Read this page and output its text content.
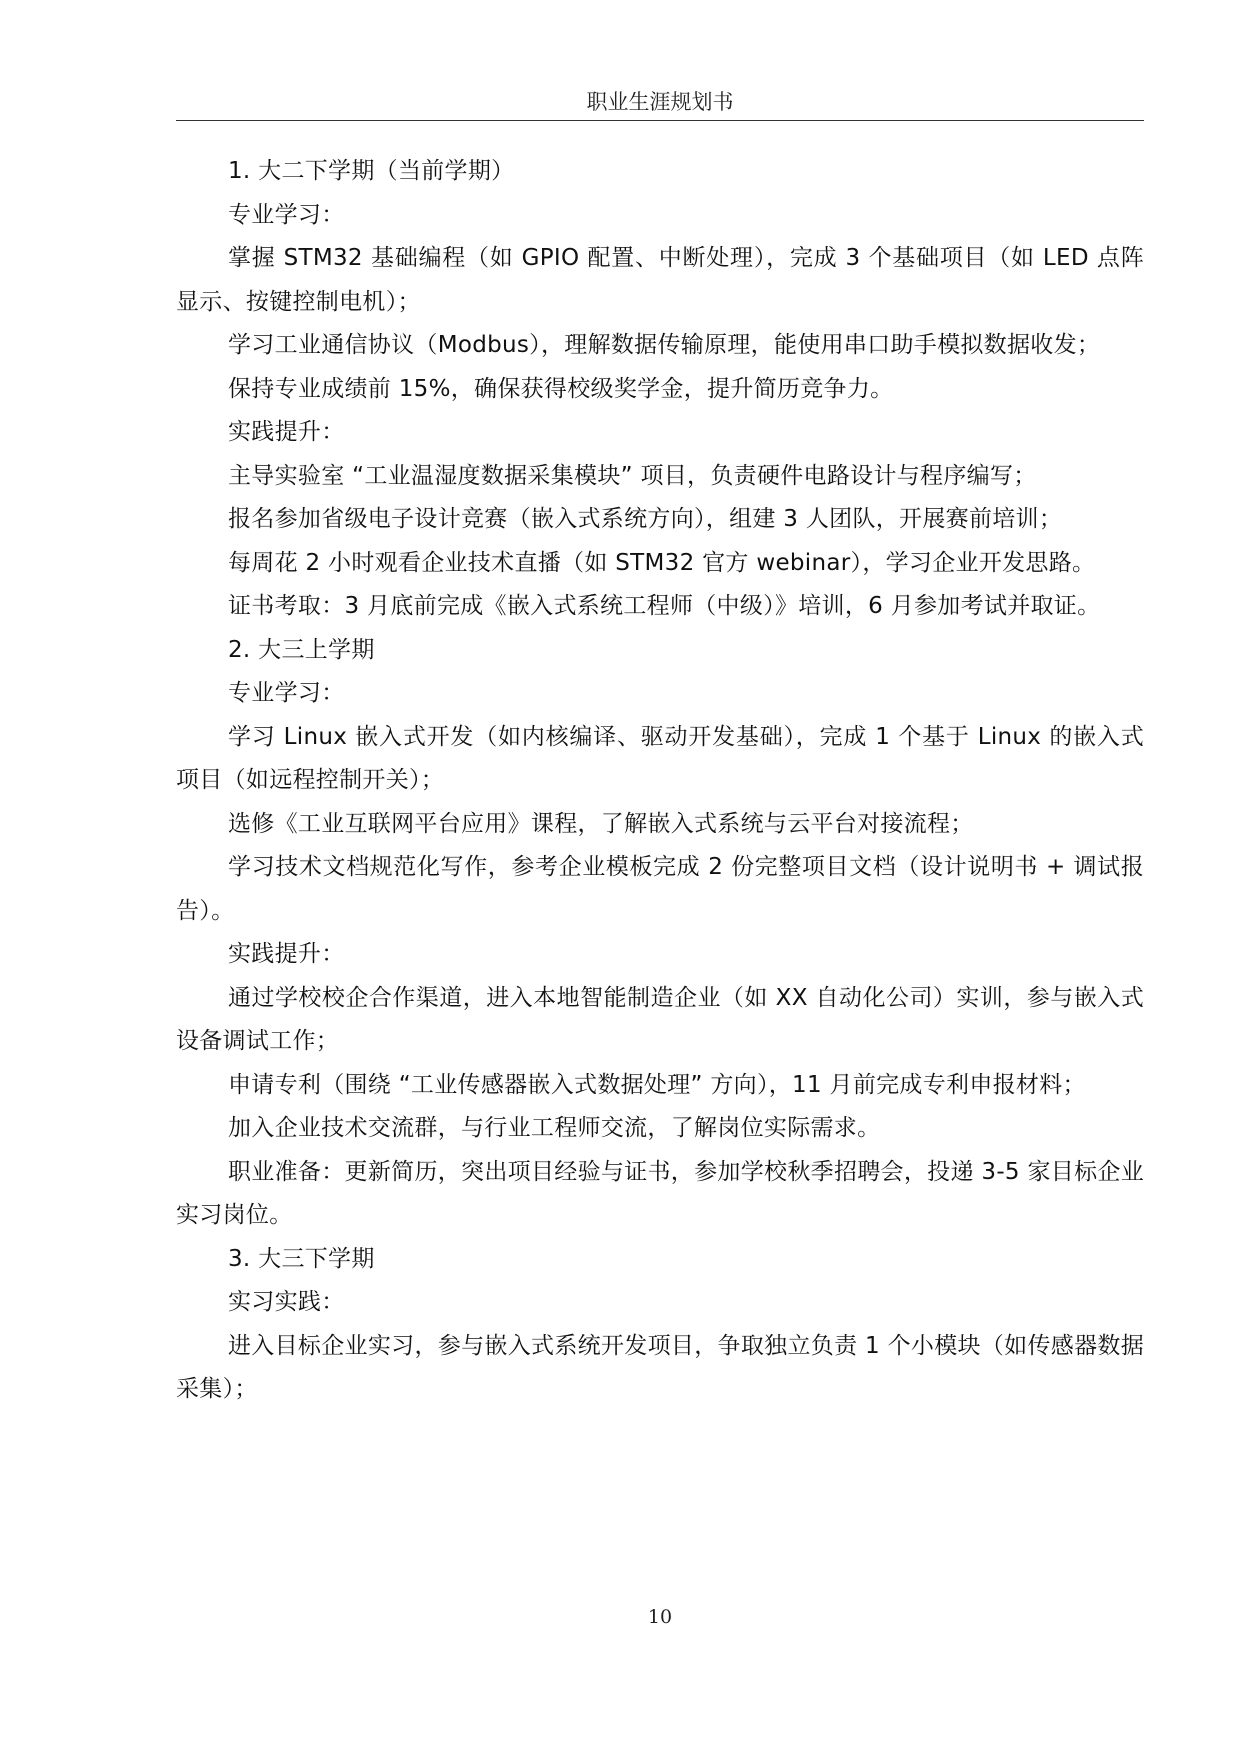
职业生涯规划书

1. 大二下学期（当前学期）

专业学习：

掌握 STM32 基础编程（如 GPIO 配置、中断处理），完成 3 个基础项目（如 LED 点阵显示、按键控制电机）；

学习工业通信协议（Modbus），理解数据传输原理，能使用串口助手模拟数据收发；

保持专业成绩前 15%，确保获得校级奖学金，提升简历竞争力。

实践提升：

主导实验室 “工业温湿度数据采集模块” 项目，负责硬件电路设计与程序编写；

报名参加省级电子设计竞赛（嵌入式系统方向），组建 3 人团队，开展赛前培训；

每周花 2 小时观看企业技术直播（如 STM32 官方 webinar），学习企业开发思路。

证书考取：3 月底前完成《嵌入式系统工程师（中级）》培训，6 月参加考试并取证。

2. 大三上学期

专业学习：

学习 Linux 嵌入式开发（如内核编译、驱动开发基础），完成 1 个基于 Linux 的嵌入式项目（如远程控制开关）；

选修《工业互联网平台应用》课程，了解嵌入式系统与云平台对接流程；

学习技术文档规范化写作，参考企业模板完成 2 份完整项目文档（设计说明书 + 调试报告）。

实践提升：

通过学校校企合作渠道，进入本地智能制造企业（如 XX 自动化公司）实训，参与嵌入式设备调试工作；

申请专利（围绕 “工业传感器嵌入式数据处理” 方向），11 月前完成专利申报材料；

加入企业技术交流群，与行业工程师交流，了解岗位实际需求。

职业准备：更新简历，突出项目经验与证书，参加学校秋季招聘会，投递 3-5 家目标企业实习岗位。

3. 大三下学期

实习实践：

进入目标企业实习，参与嵌入式系统开发项目，争取独立负责 1 个小模块（如传感器数据采集）；

10
